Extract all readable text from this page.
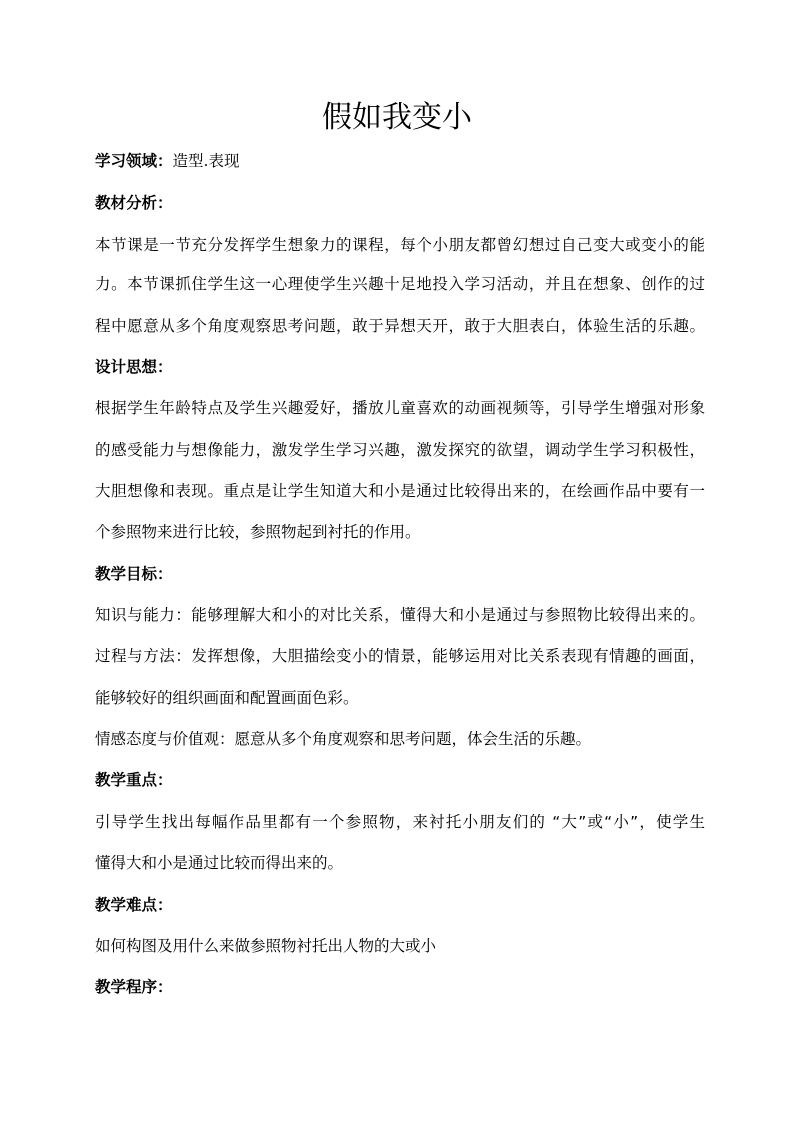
假如我变小
学习领域：造型.表现
教材分析：
本节课是一节充分发挥学生想象力的课程，每个小朋友都曾幻想过自己变大或变小的能
力。本节课抓住学生这一心理使学生兴趣十足地投入学习活动，并且在想象、创作的过
程中愿意从多个角度观察思考问题，敢于异想天开，敢于大胆表白，体验生活的乐趣。
设计思想：
根据学生年龄特点及学生兴趣爱好，播放儿童喜欢的动画视频等，引导学生增强对形象
的感受能力与想像能力，激发学生学习兴趣，激发探究的欲望，调动学生学习积极性，
大胆想像和表现。重点是让学生知道大和小是通过比较得出来的，在绘画作品中要有一
个参照物来进行比较，参照物起到衬托的作用。
教学目标：
知识与能力：能够理解大和小的对比关系，懂得大和小是通过与参照物比较得出来的。
过程与方法：发挥想像，大胆描绘变小的情景，能够运用对比关系表现有情趣的画面，
能够较好的组织画面和配置画面色彩。
情感态度与价值观：愿意从多个角度观察和思考问题，体会生活的乐趣。
教学重点：
引导学生找出每幅作品里都有一个参照物，来衬托小朋友们的 “大”或“小”，使学生
懂得大和小是通过比较而得出来的。
教学难点：
如何构图及用什么来做参照物衬托出人物的大或小
教学程序：
